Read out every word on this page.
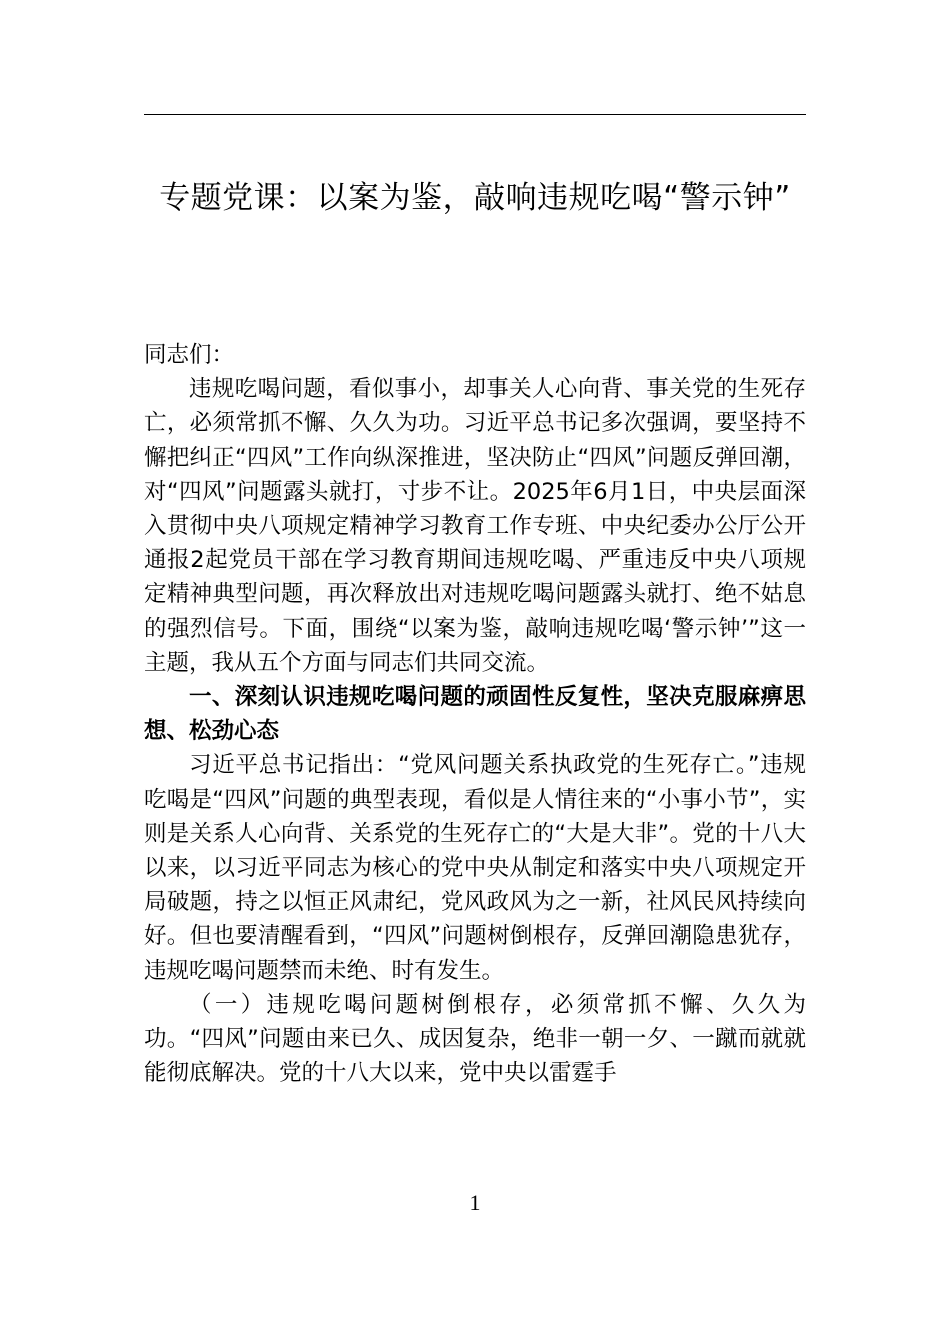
专题党课：以案为鉴，敲响违规吃喝“警示钟”

同志们：

违规吃喝问题，看似事小，却事关人心向背、事关党的生死存亡，必须常抓不懈、久久为功。习近平总书记多次强调，要坚持不懈把纠正“四风”工作向纵深推进，坚决防止“四风”问题反弹回潮，对“四风”问题露头就打，寸步不让。2025年6月1日，中央层面深入贯彻中央八项规定精神学习教育工作专班、中央纪委办公厅公开通报2起党员干部在学习教育期间违规吃喝、严重违反中央八项规定精神典型问题，再次释放出对违规吃喝问题露头就打、绝不姑息的强烈信号。下面，围绕“以案为鉴，敲响违规吃喝‘警示钟’”这一主题，我从五个方面与同志们共同交流。

一、深刻认识违规吃喝问题的顽固性反复性，坚决克服麻痹思想、松劲心态

习近平总书记指出：“党风问题关系执政党的生死存亡。”违规吃喝是“四风”问题的典型表现，看似是人情往来的“小事小节”，实则是关系人心向背、关系党的生死存亡的“大是大非”。党的十八大以来，以习近平同志为核心的党中央从制定和落实中央八项规定开局破题，持之以恒正风肃纪，党风政风为之一新，社风民风持续向好。但也要清醒看到，“四风”问题树倒根存，反弹回潮隐患犹存，违规吃喝问题禁而未绝、时有发生。

（一）违规吃喝问题树倒根存，必须常抓不懈、久久为功。“四风”问题由来已久、成因复杂，绝非一朝一夕、一蹴而就就能彻底解决。党的十八大以来，党中央以雷霆手

1
